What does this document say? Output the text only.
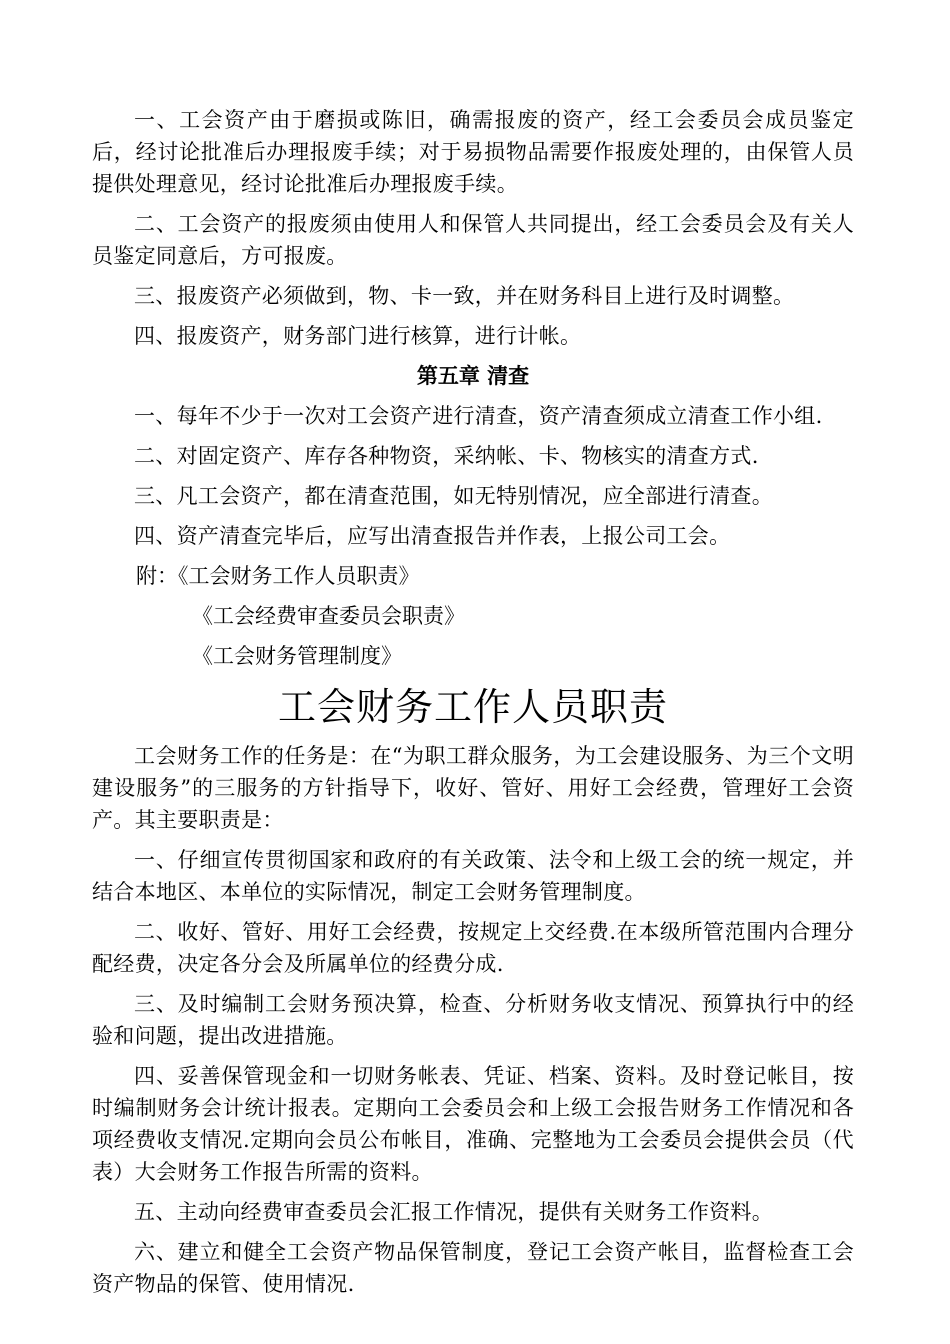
一、工会资产由于磨损或陈旧，确需报废的资产，经工会委员会成员鉴定后，经讨论批准后办理报废手续；对于易损物品需要作报废处理的，由保管人员提供处理意见，经讨论批准后办理报废手续。

二、工会资产的报废须由使用人和保管人共同提出，经工会委员会及有关人员鉴定同意后，方可报废。

三、报废资产必须做到，物、卡一致，并在财务科目上进行及时调整。

四、报废资产，财务部门进行核算，进行计帐。

第五章 清查

一、每年不少于一次对工会资产进行清查，资产清查须成立清查工作小组.

二、对固定资产、库存各种物资，采纳帐、卡、物核实的清查方式.

三、凡工会资产，都在清查范围，如无特别情况，应全部进行清查。

四、资产清查完毕后，应写出清查报告并作表，上报公司工会。

附：《工会财务工作人员职责》
《工会经费审查委员会职责》
《工会财务管理制度》
工会财务工作人员职责

工会财务工作的任务是：在“为职工群众服务，为工会建设服务、为三个文明建设服务”的三服务的方针指导下，收好、管好、用好工会经费，管理好工会资产。其主要职责是：

一、仔细宣传贯彻国家和政府的有关政策、法令和上级工会的统一规定，并结合本地区、本单位的实际情况，制定工会财务管理制度。

二、收好、管好、用好工会经费，按规定上交经费.在本级所管范围内合理分配经费，决定各分会及所属单位的经费分成.

三、及时编制工会财务预决算，检查、分析财务收支情况、预算执行中的经验和问题，提出改进措施。

四、妥善保管现金和一切财务帐表、凭证、档案、资料。及时登记帐目，按时编制财务会计统计报表。定期向工会委员会和上级工会报告财务工作情况和各项经费收支情况.定期向会员公布帐目，准确、完整地为工会委员会提供会员（代表）大会财务工作报告所需的资料。

五、主动向经费审查委员会汇报工作情况，提供有关财务工作资料。

六、建立和健全工会资产物品保管制度，登记工会资产帐目，监督检查工会资产物品的保管、使用情况.
